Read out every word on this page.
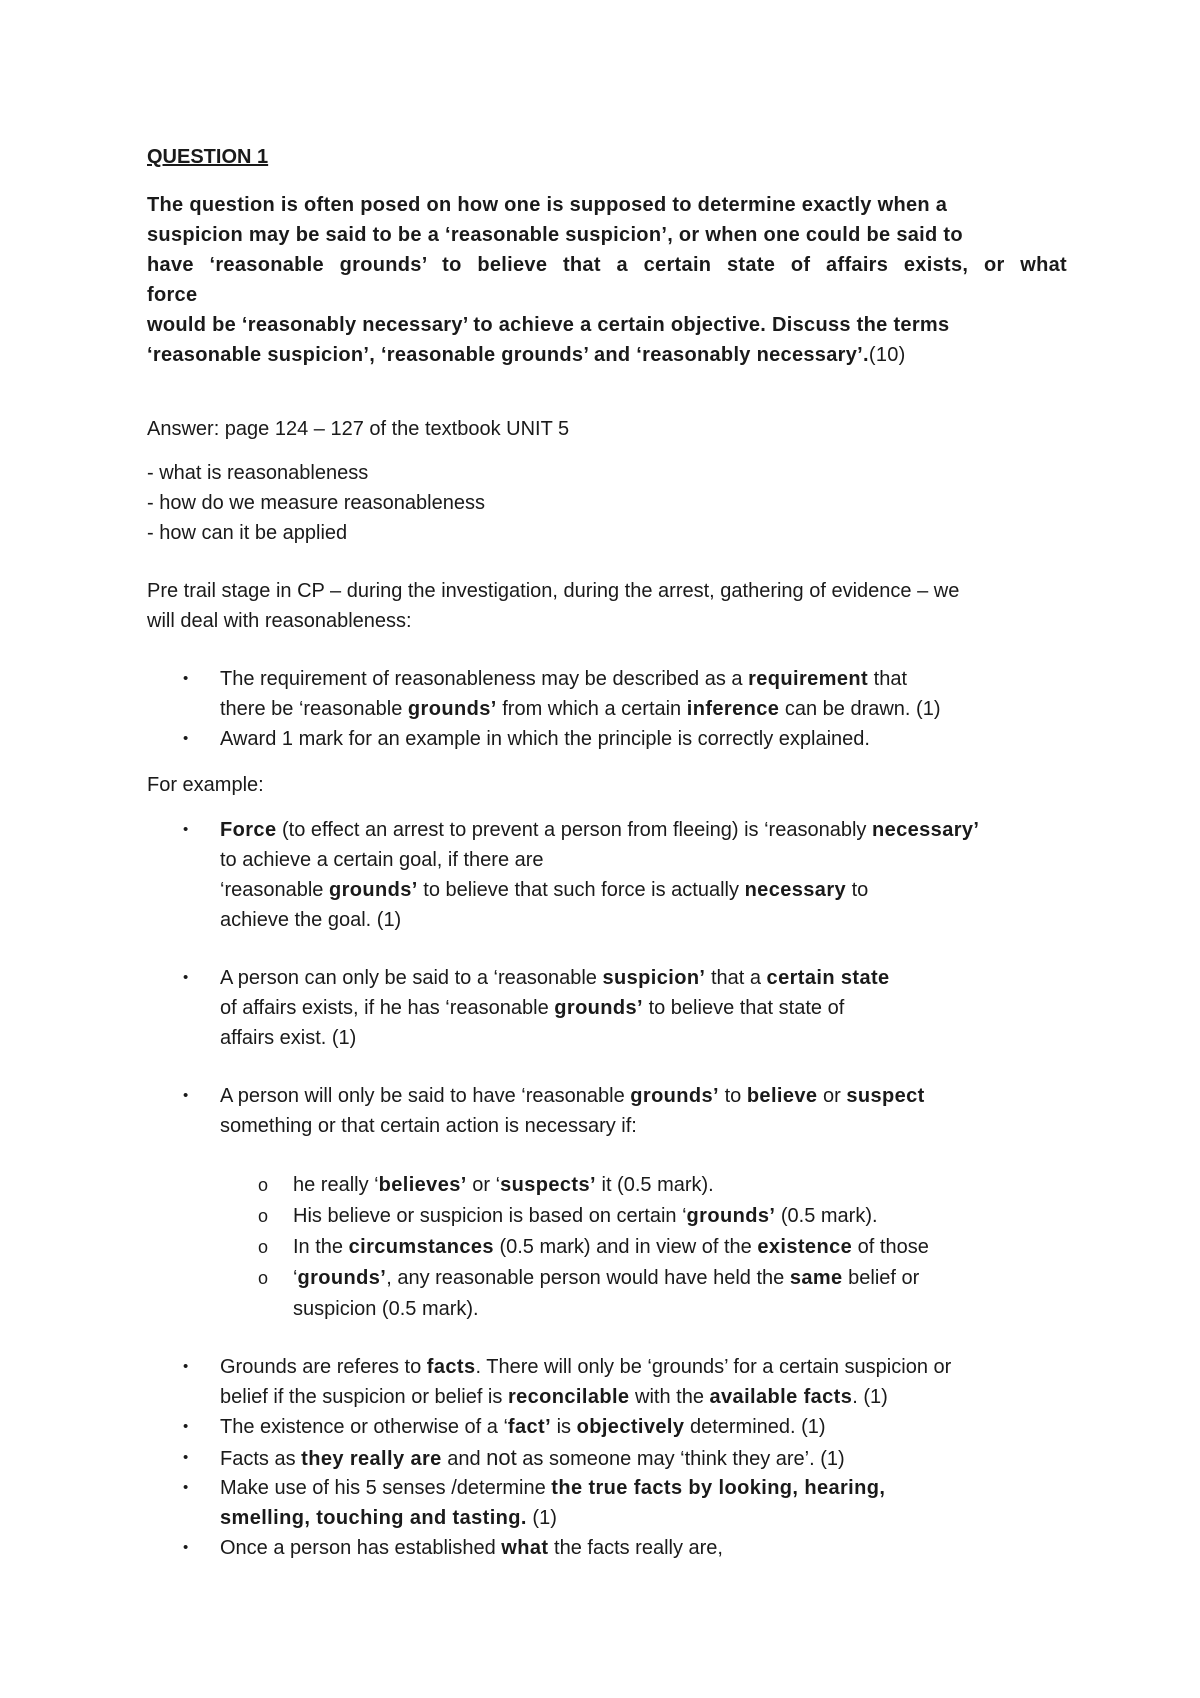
QUESTION 1
The question is often posed on how one is supposed to determine exactly when a
suspicion may be said to be a ‘reasonable suspicion’, or when one could be said to
have ‘reasonable grounds’ to believe that a certain state of affairs exists, or what
force
would be ‘reasonably necessary’ to achieve a certain objective. Discuss the terms
‘reasonable suspicion’, ‘reasonable grounds’ and ‘reasonably necessary’.(10)
Answer: page 124 – 127 of the textbook UNIT 5
- what is reasonableness
- how do we measure reasonableness
- how can it be applied
Pre trail stage in CP – during the investigation, during the arrest, gathering of evidence – we
will deal with reasonableness:
• The requirement of reasonableness may be described as a requirement that
there be ‘reasonable grounds’ from which a certain inference can be drawn. (1)
• Award 1 mark for an example in which the principle is correctly explained.
For example:
• Force (to effect an arrest to prevent a person from fleeing) is ‘reasonably necessary’
to achieve a certain goal, if there are
‘reasonable grounds’ to believe that such force is actually necessary to
achieve the goal. (1)
• A person can only be said to a ‘reasonable suspicion’ that a certain state
of affairs exists, if he has ‘reasonable grounds’ to believe that state of
affairs exist. (1)
• A person will only be said to have ‘reasonable grounds’ to believe or suspect
something or that certain action is necessary if:
o he really ‘believes’ or ‘suspects’ it (0.5 mark).
o His believe or suspicion is based on certain ‘grounds’ (0.5 mark).
o In the circumstances (0.5 mark) and in view of the existence of those
o ‘grounds’, any reasonable person would have held the same belief or
suspicion (0.5 mark).
• Grounds are referes to facts. There will only be ‘grounds’ for a certain suspicion or
belief if the suspicion or belief is reconcilable with the available facts. (1)
• The existence or otherwise of a ‘fact’ is objectively determined. (1)
• Facts as they really are and not as someone may ‘think they are’. (1)
• Make use of his 5 senses /determine the true facts by looking, hearing,
smelling, touching and tasting. (1)
• Once a person has established what the facts really are,
